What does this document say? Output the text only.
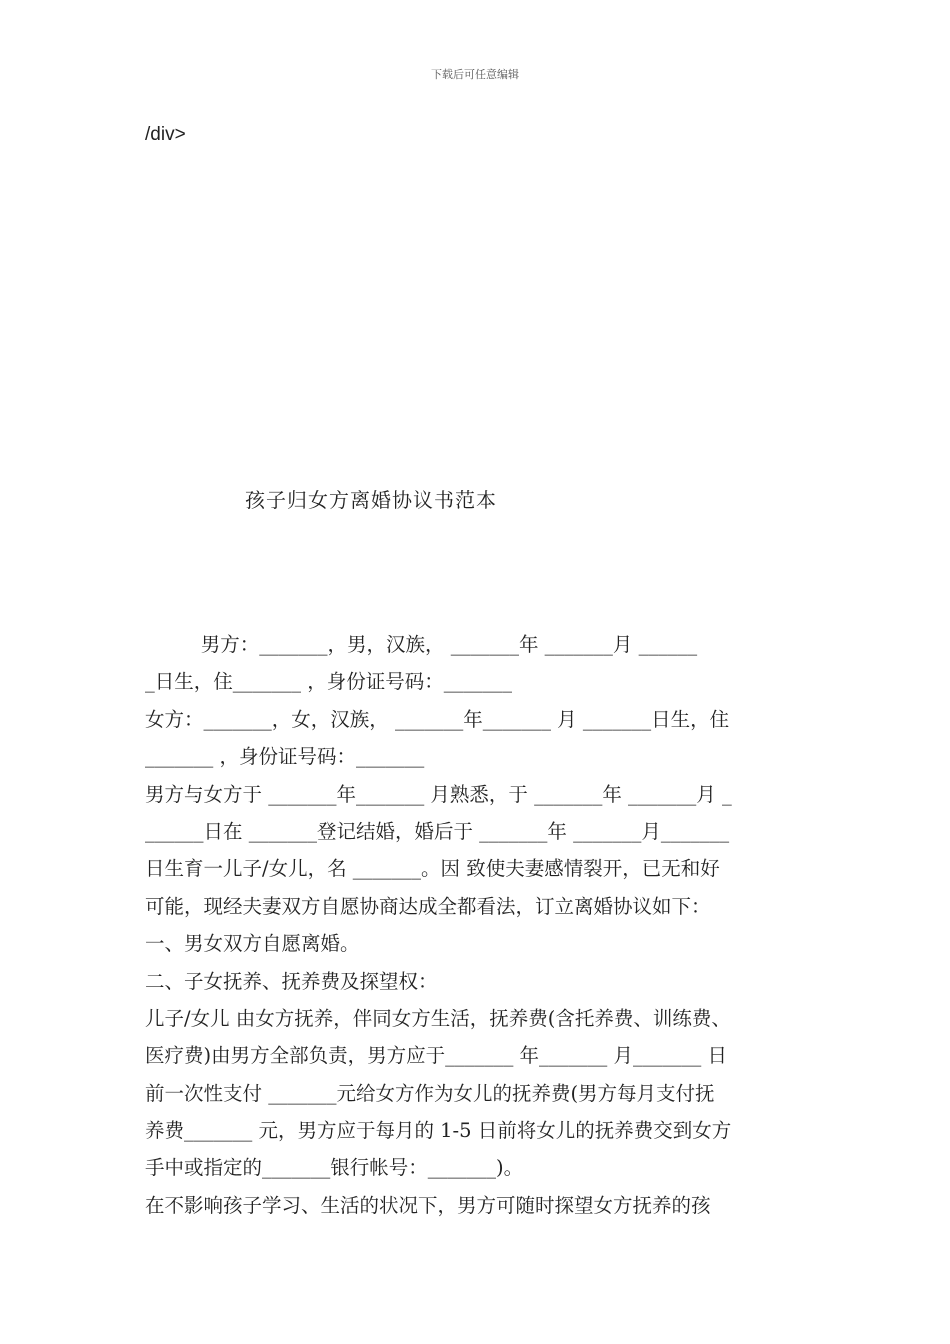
下载后可任意编辑
/div>
孩子归女方离婚协议书范本
男方：_______，男，汉族， _______年 _______月 ______
_日生，住_______ ，身份证号码：_______
女方：_______，女，汉族， _______年_______ 月 _______日生，住
_______ ，身份证号码：_______
男方与女方于 _______年_______ 月熟悉，于 _______年 _______月 _
______日在 _______登记结婚，婚后于 _______年 _______月_______
日生育一儿子/女儿，名 _______。因 致使夫妻感情裂开，已无和好
可能，现经夫妻双方自愿协商达成全都看法，订立离婚协议如下：
一、男女双方自愿离婚。
二、子女抚养、抚养费及探望权：
儿子/女儿 由女方抚养，伴同女方生活，抚养费(含托养费、训练费、
医疗费)由男方全部负责，男方应于_______ 年_______ 月_______ 日
前一次性支付 _______元给女方作为女儿的抚养费(男方每月支付抚
养费_______ 元，男方应于每月的 1-5 日前将女儿的抚养费交到女方
手中或指定的_______银行帐号：_______)。
在不影响孩子学习、生活的状况下，男方可随时探望女方抚养的孩
